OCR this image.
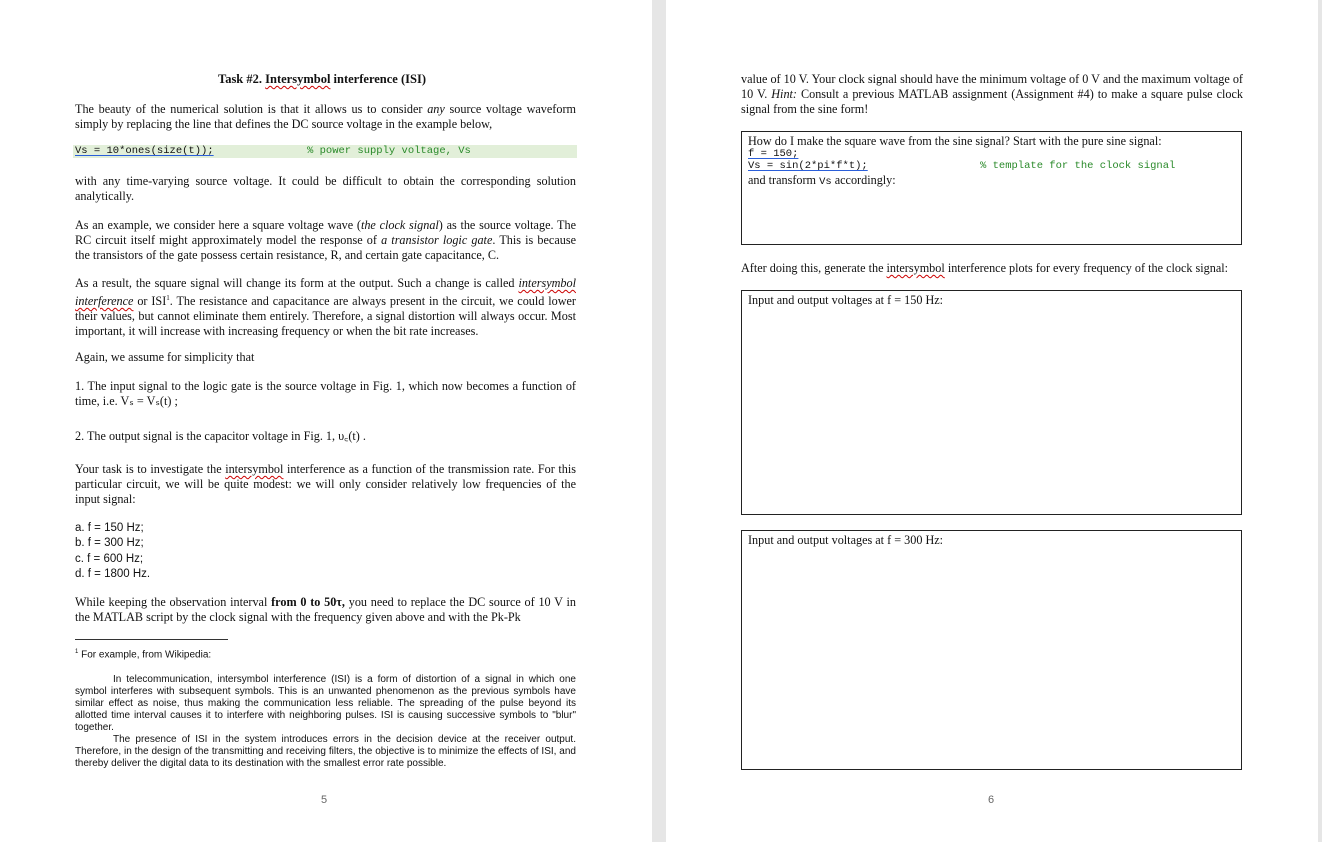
Task #2. Intersymbol interference (ISI)

The beauty of the numerical solution is that it allows us to consider any source voltage waveform simply by replacing the line that defines the DC source voltage in the example below,

Vs = 10*ones(size(t));	% power supply voltage, Vs

with any time-varying source voltage. It could be difficult to obtain the corresponding solution analytically.

As an example, we consider here a square voltage wave (the clock signal) as the source voltage. The RC circuit itself might approximately model the response of a transistor logic gate. This is because the transistors of the gate possess certain resistance, R, and certain gate capacitance, C.

As a result, the square signal will change its form at the output. Such a change is called intersymbol interference or ISI$^1$. The resistance and capacitance are always present in the circuit, we could lower their values, but cannot eliminate them entirely. Therefore, a signal distortion will always occur. Most important, it will increase with increasing frequency or when the bit rate increases.

Again, we assume for simplicity that

1. The input signal to the logic gate is the source voltage in Fig. 1, which now becomes a function of time, i.e. Vₛ = Vₛ(t) ;

2. The output signal is the capacitor voltage in Fig. 1, υ꜀(t) .

Your task is to investigate the intersymbol interference as a function of the transmission rate. For this particular circuit, we will be quite modest: we will only consider relatively low frequencies of the input signal:

a. f = 150 Hz;
b. f = 300 Hz;
c. f = 600 Hz;
d. f = 1800 Hz.

While keeping the observation interval from 0 to 50τ, you need to replace the DC source of 10 V in the MATLAB script by the clock signal with the frequency given above and with the Pk-Pk

$^1$ For example, from Wikipedia:

In telecommunication, intersymbol interference (ISI) is a form of distortion of a signal in which one symbol interferes with subsequent symbols. This is an unwanted phenomenon as the previous symbols have similar effect as noise, thus making the communication less reliable. The spreading of the pulse beyond its allotted time interval causes it to interfere with neighboring pulses. ISI is causing successive symbols to "blur" together.

The presence of ISI in the system introduces errors in the decision device at the receiver output. Therefore, in the design of the transmitting and receiving filters, the objective is to minimize the effects of ISI, and thereby deliver the digital data to its destination with the smallest error rate possible.

5

value of 10 V. Your clock signal should have the minimum voltage of 0 V and the maximum voltage of 10 V. Hint: Consult a previous MATLAB assignment (Assignment #4) to make a square pulse clock signal from the sine form!

How do I make the square wave from the sine signal? Start with the pure sine signal:
f = 150;
Vs = sin(2*pi*f*t);	% template for the clock signal
and transform Vs accordingly:

After doing this, generate the intersymbol interference plots for every frequency of the clock signal:

Input and output voltages at f = 150 Hz:
Input and output voltages at f = 300 Hz:
6
